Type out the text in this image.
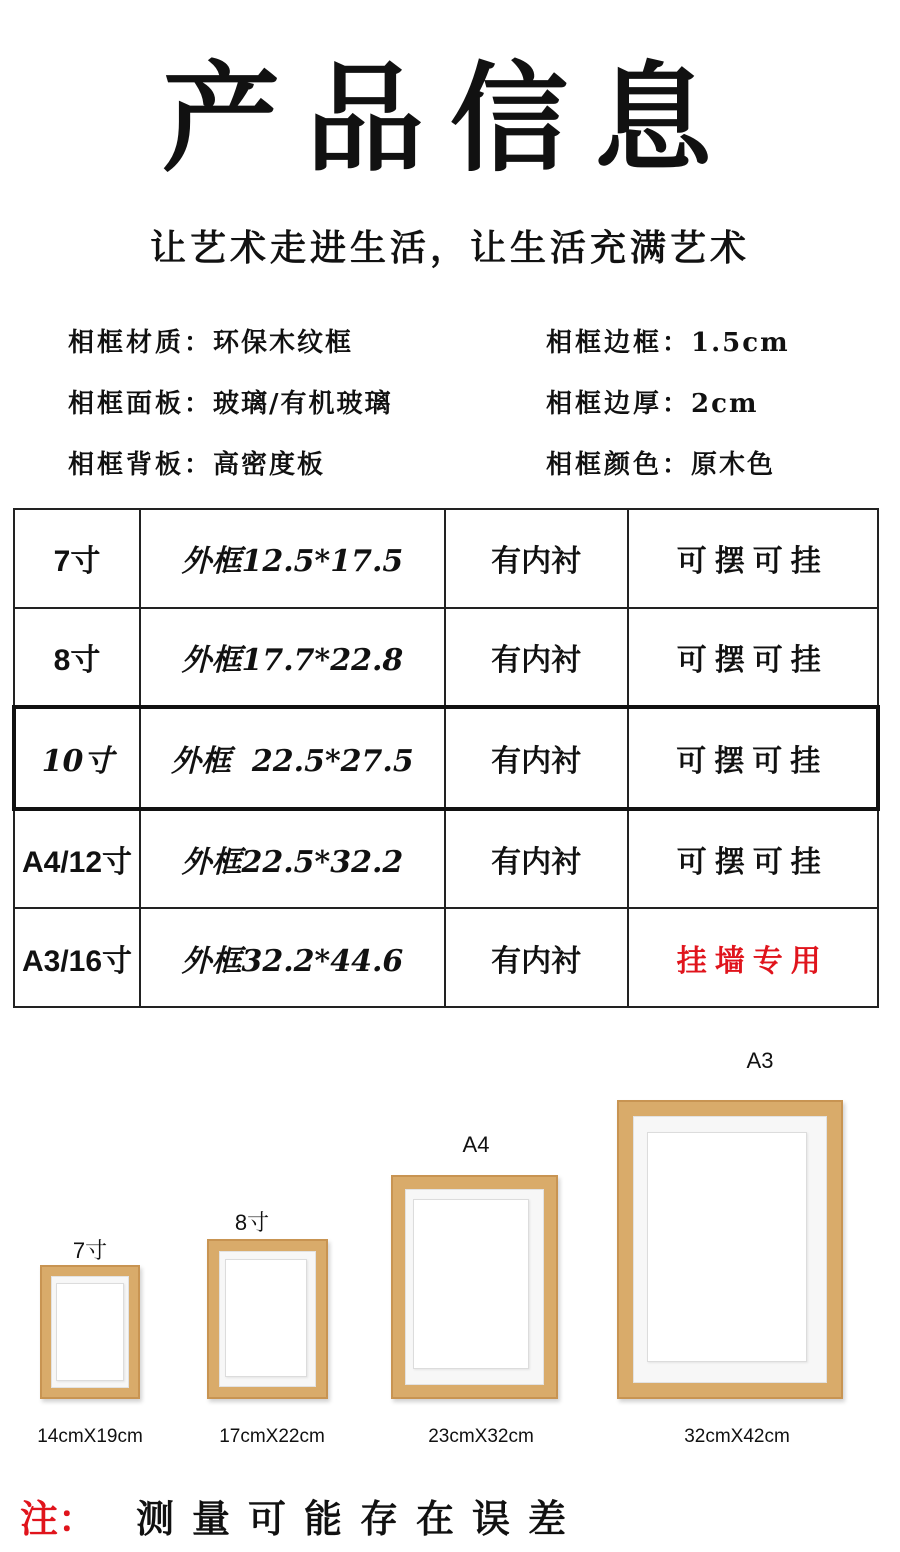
产品信息
让艺术走进生活，让生活充满艺术
相框材质：环保木纹框	相框边框：1.5cm
相框面板：玻璃/有机玻璃	相框边厚：2cm
相框背板：高密度板	相框颜色：原木色
7寸	外框12.5*17.5	有内衬	可摆可挂
8寸	外框17.7*22.8	有内衬	可摆可挂
10寸	外框  22.5*27.5	有内衬	可摆可挂
A4/12寸	外框22.5*32.2	有内衬	可摆可挂
A3/16寸	外框32.2*44.6	有内衬	挂墙专用
7寸
14cmX19cm
8寸
17cmX22cm
A4
23cmX32cm
A3
32cmX42cm
注： 测量可能存在误差
